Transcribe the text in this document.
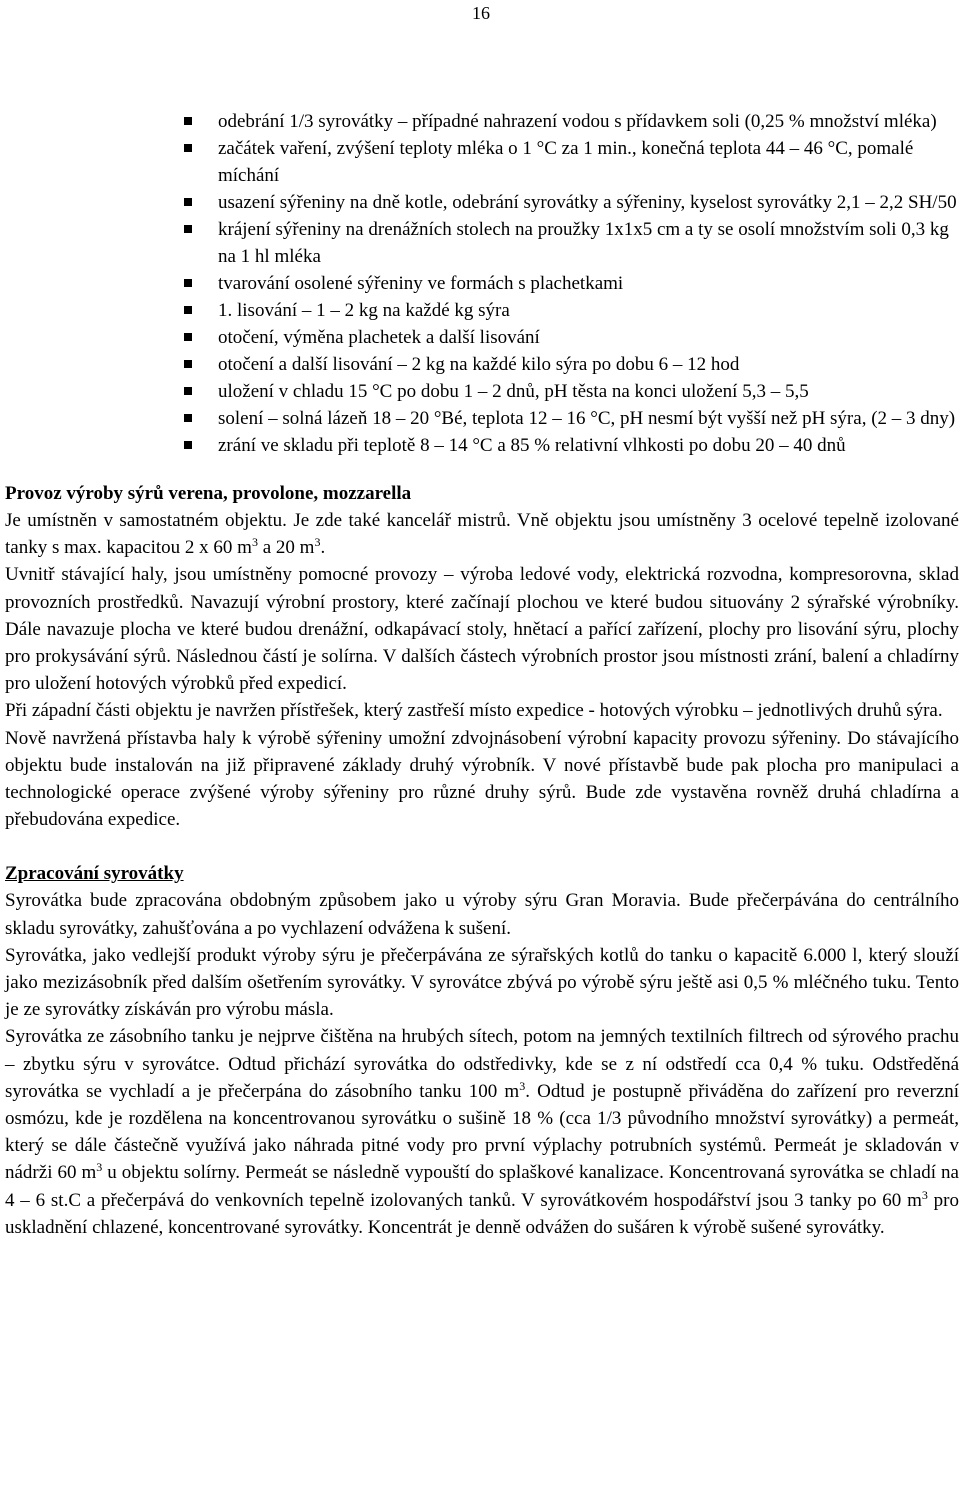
16
odebrání 1/3 syrovátky – případné nahrazení vodou s přídavkem soli (0,25 % množství mléka)
začátek vaření, zvýšení teploty mléka o 1 °C za 1 min., konečná teplota 44 – 46 °C, pomalé míchání
usazení sýřeniny na dně kotle, odebrání syrovátky a sýřeniny, kyselost syrovátky 2,1 – 2,2 SH/50
krájení sýřeniny na drenážních stolech na proužky 1x1x5 cm a ty se osolí množstvím soli 0,3 kg na 1 hl mléka
tvarování osolené sýřeniny ve formách s plachetkami
1. lisování – 1 – 2 kg na každé kg sýra
otočení, výměna plachetek a další lisování
otočení a další lisování – 2 kg na každé kilo sýra po dobu 6 – 12 hod
uložení v chladu 15 °C po dobu 1 – 2 dnů, pH těsta na konci uložení 5,3 – 5,5
solení – solná lázeň 18 – 20 °Bé, teplota 12 – 16 °C, pH nesmí být vyšší než pH sýra, (2 – 3 dny)
zrání ve skladu při teplotě 8 – 14 °C a 85 % relativní vlhkosti po dobu 20 – 40 dnů
Provoz výroby sýrů verena, provolone, mozzarella

Je umístněn v samostatném objektu. Je zde také kancelář mistrů. Vně objektu jsou umístněny 3 ocelové tepelně izolované tanky s max. kapacitou 2 x 60 $m^3$ a 20 $m^3$.

Uvnitř stávající haly, jsou umístněny pomocné provozy – výroba ledové vody, elektrická rozvodna, kompresorovna, sklad provozních prostředků. Navazují výrobní prostory, které začínají plochou ve které budou situovány 2 sýrařské výrobníky. Dále navazuje plocha ve které budou drenážní, odkapávací stoly, hnětací a pařící zařízení, plochy pro lisování sýru, plochy pro prokysávání sýrů. Následnou částí je solírna. V dalších částech výrobních prostor jsou místnosti zrání, balení a chladírny pro uložení hotových výrobků před expedicí.

Při západní části objektu je navržen přístřešek, který zastřeší místo expedice - hotových výrobku – jednotlivých druhů sýra.

Nově navržená přístavba haly k výrobě sýřeniny umožní zdvojnásobení výrobní kapacity provozu sýřeniny. Do stávajícího objektu bude instalován na již připravené základy druhý výrobník. V nové přístavbě bude pak plocha pro manipulaci a technologické operace zvýšené výroby sýřeniny pro různé druhy sýrů. Bude zde vystavěna rovněž druhá chladírna a přebudována expedice.

Zpracování syrovátky

Syrovátka bude zpracována obdobným způsobem jako u výroby sýru Gran Moravia. Bude přečerpávána do centrálního skladu syrovátky, zahušťována a po vychlazení odvážena k sušení.

Syrovátka, jako vedlejší produkt výroby sýru je přečerpávána ze sýrařských kotlů do tanku o kapacitě 6.000 l, který slouží jako mezizásobník před dalším ošetřením syrovátky. V syrovátce zbývá po výrobě sýru ještě asi 0,5 % mléčného tuku. Tento je ze syrovátky získáván pro výrobu másla.

Syrovátka ze zásobního tanku je nejprve čištěna na hrubých sítech, potom na jemných textilních filtrech od sýrového prachu – zbytku sýru v syrovátce. Odtud přichází syrovátka do odstředivky, kde se z ní odstředí cca 0,4 % tuku. Odstředěná syrovátka se vychladí a je přečerpána do zásobního tanku 100 $m^3$. Odtud je postupně přiváděna do zařízení pro reverzní osmózu, kde je rozdělena na koncentrovanou syrovátku o sušině 18 % (cca 1/3 původního množství syrovátky) a permeát, který se dále částečně využívá jako náhrada pitné vody pro první výplachy potrubních systémů. Permeát je skladován v nádrži 60 $m^3$ u objektu solírny. Permeát se následně vypouští do splaškové kanalizace. Koncentrovaná syrovátka se chladí na 4 – 6 st.C a přečerpává do venkovních tepelně izolovaných tanků. V syrovátkovém hospodářství jsou 3 tanky po 60 $m^3$ pro uskladnění chlazené, koncentrované syrovátky. Koncentrát je denně odvážen do sušáren k výrobě sušené syrovátky.
